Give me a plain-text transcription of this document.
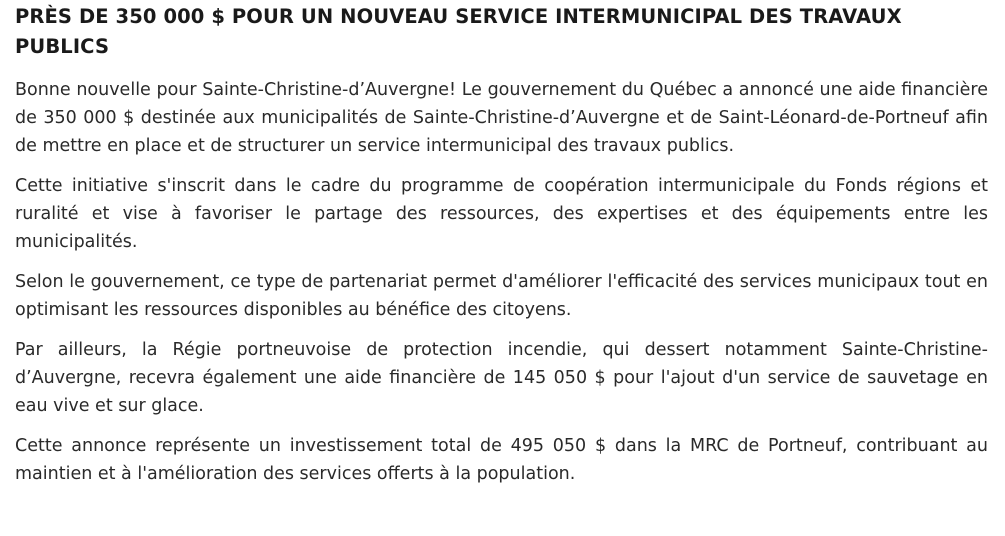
PRÈS DE 350 000 $ POUR UN NOUVEAU SERVICE INTERMUNICIPAL DES TRAVAUX PUBLICS

Bonne nouvelle pour Sainte-Christine-d’Auvergne! Le gouvernement du Québec a annoncé une aide financière de 350 000 $ destinée aux municipalités de Sainte-Christine-d’Auvergne et de Saint-Léonard-de-Portneuf afin de mettre en place et de structurer un service intermunicipal des travaux publics.

Cette initiative s'inscrit dans le cadre du programme de coopération intermunicipale du Fonds régions et ruralité et vise à favoriser le partage des ressources, des expertises et des équipements entre les municipalités.

Selon le gouvernement, ce type de partenariat permet d'améliorer l'efficacité des services municipaux tout en optimisant les ressources disponibles au bénéfice des citoyens.

Par ailleurs, la Régie portneuvoise de protection incendie, qui dessert notamment Sainte-Christine-d’Auvergne, recevra également une aide financière de 145 050 $ pour l'ajout d'un service de sauvetage en eau vive et sur glace.

Cette annonce représente un investissement total de 495 050 $ dans la MRC de Portneuf, contribuant au maintien et à l'amélioration des services offerts à la population.
